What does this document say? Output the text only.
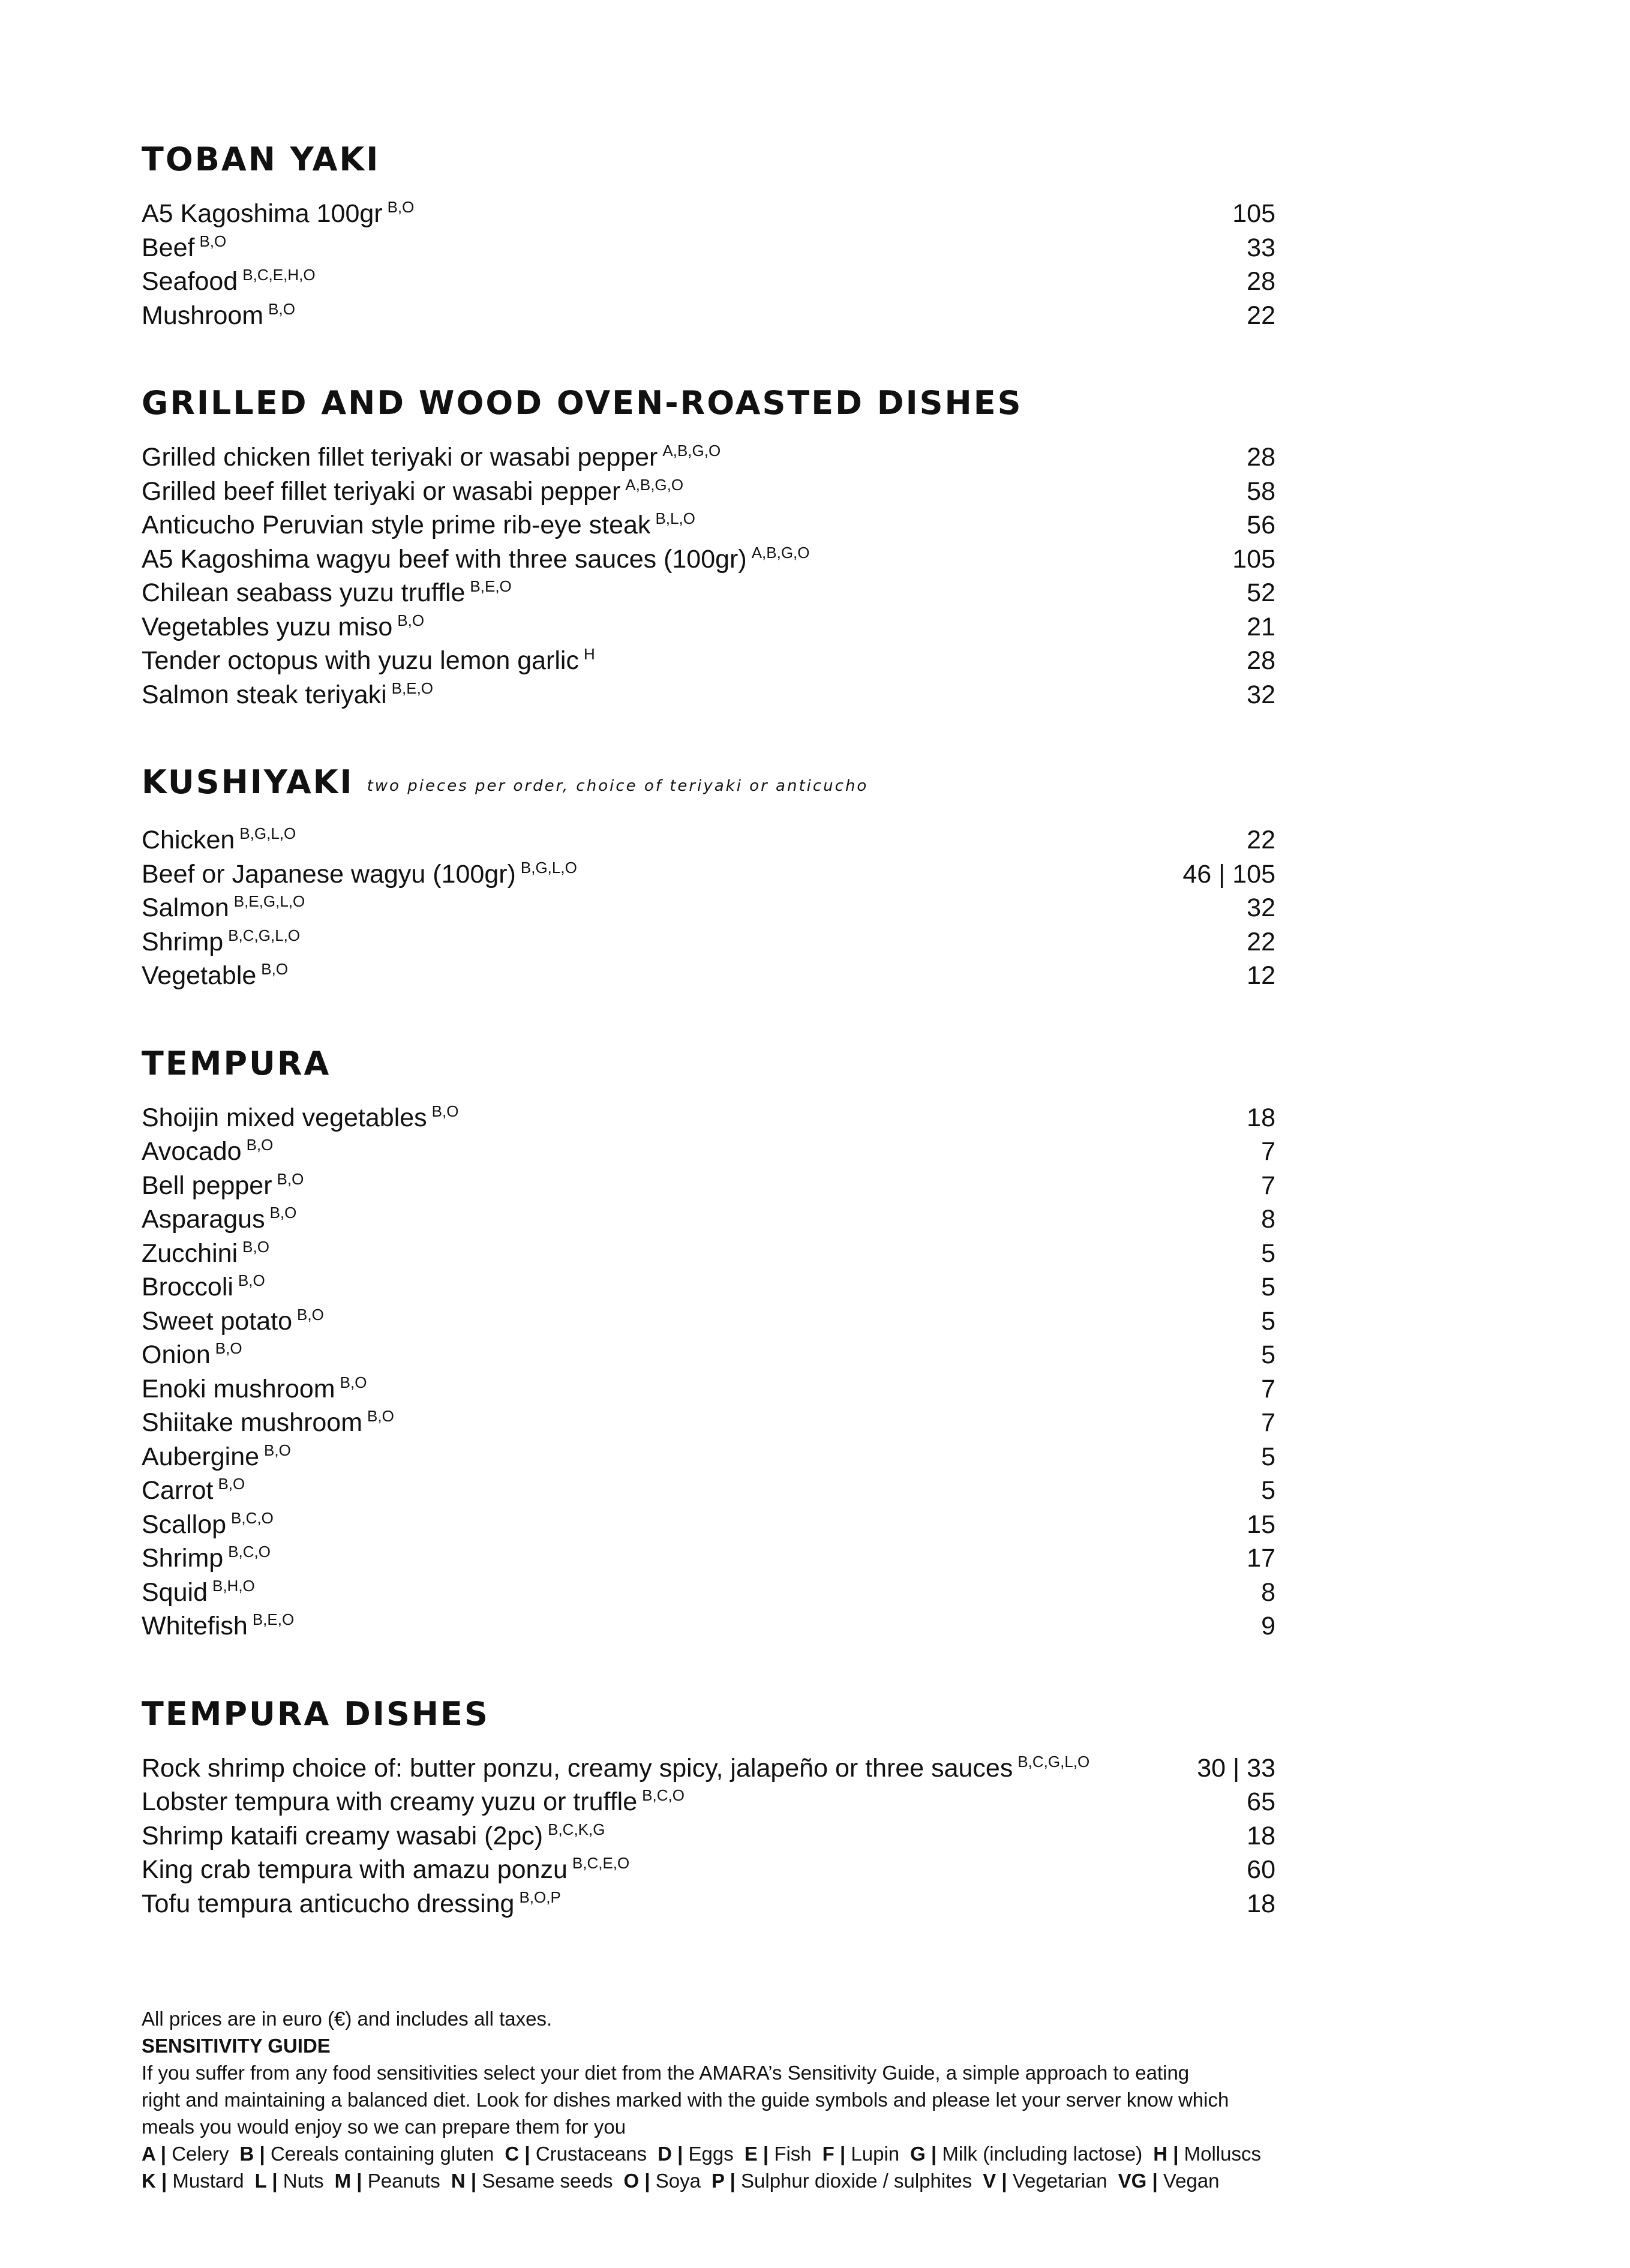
TOBAN YAKI
A5 Kagoshima 100gr $^{B,O}$	105
Beef $^{B,O}$	33
Seafood $^{B,C,E,H,O}$	28
Mushroom $^{B,O}$	22
GRILLED AND WOOD OVEN-ROASTED DISHES
Grilled chicken fillet teriyaki or wasabi pepper $^{A,B,G,O}$	28
Grilled beef fillet teriyaki or wasabi pepper $^{A,B,G,O}$	58
Anticucho Peruvian style prime rib-eye steak $^{B,L,O}$	56
A5 Kagoshima wagyu beef with three sauces (100gr) $^{A,B,G,O}$	105
Chilean seabass yuzu truffle $^{B,E,O}$	52
Vegetables yuzu miso $^{B,O}$	21
Tender octopus with yuzu lemon garlic $^H$	28
Salmon steak teriyaki $^{B,E,O}$	32
KUSHIYAKI two pieces per order, choice of teriyaki or anticucho
Chicken $^{B,G,L,O}$	22
Beef or Japanese wagyu (100gr) $^{B,G,L,O}$	46 | 105
Salmon $^{B,E,G,L,O}$	32
Shrimp $^{B,C,G,L,O}$	22
Vegetable $^{B,O}$	12
TEMPURA
Shoijin mixed vegetables $^{B,O}$	18
Avocado $^{B,O}$	7
Bell pepper $^{B,O}$	7
Asparagus $^{B,O}$	8
Zucchini $^{B,O}$	5
Broccoli $^{B,O}$	5
Sweet potato $^{B,O}$	5
Onion $^{B,O}$	5
Enoki mushroom $^{B,O}$	7
Shiitake mushroom $^{B,O}$	7
Aubergine $^{B,O}$	5
Carrot $^{B,O}$	5
Scallop $^{B,C,O}$	15
Shrimp $^{B,C,O}$	17
Squid $^{B,H,O}$	8
Whitefish $^{B,E,O}$	9
TEMPURA DISHES
Rock shrimp choice of: butter ponzu, creamy spicy, jalapeño or three sauces $^{B,C,G,L,O}$	30 | 33
Lobster tempura with creamy yuzu or truffle $^{B,C,O}$	65
Shrimp kataifi creamy wasabi (2pc) $^{B,C,K,G}$	18
King crab tempura with amazu ponzu $^{B,C,E,O}$	60
Tofu tempura anticucho dressing $^{B,O,P}$	18

All prices are in euro (€) and includes all taxes.

SENSITIVITY GUIDE

If you suffer from any food sensitivities select your diet from the AMARA’s Sensitivity Guide, a simple approach to eating

right and maintaining a balanced diet. Look for dishes marked with the guide symbols and please let your server know which

meals you would enjoy so we can prepare them for you

A | Celery B | Cereals containing gluten C | Crustaceans D | Eggs E | Fish F | Lupin G | Milk (including lactose) H | Molluscs

K | Mustard L | Nuts M | Peanuts N | Sesame seeds O | Soya P | Sulphur dioxide / sulphites V | Vegetarian VG | Vegan
